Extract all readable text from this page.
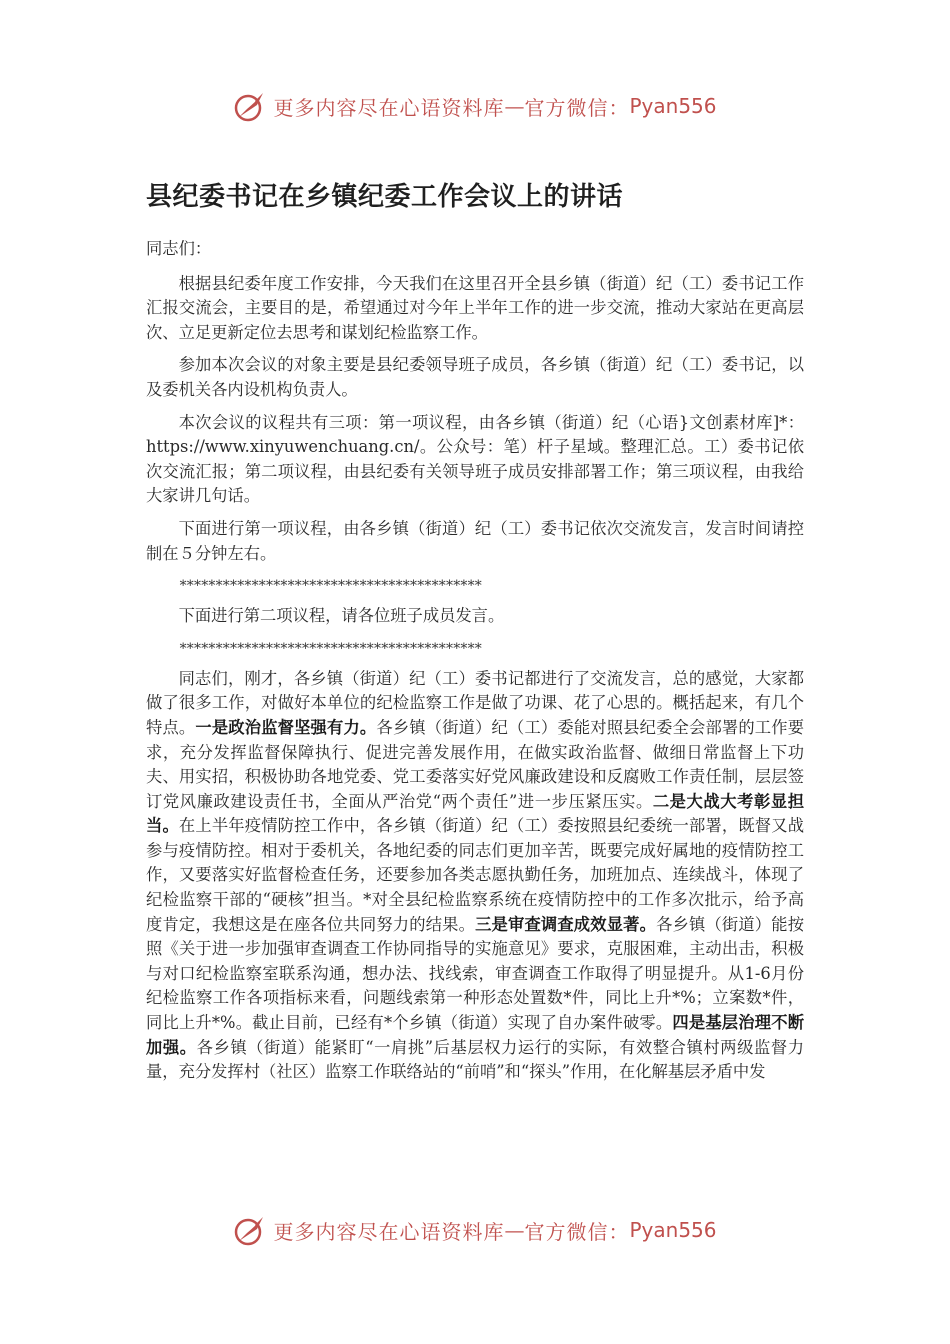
更多内容尽在心语资料库 — 官方微信： Pyan556
县纪委书记在乡镇纪委工作会议上的讲话

同志们：

根据县纪委年度工作安排，今天我们在这里召开全县乡镇（街道）纪（工）委书记工作汇报交流会，主要目的是，希望通过对今年上半年工作的进一步交流，推动大家站在更高层次、立足更新定位去思考和谋划纪检监察工作。

参加本次会议的对象主要是县纪委领导班子成员，各乡镇（街道）纪（工）委书记，以及委机关各内设机构负责人。

本次会议的议程共有三项：第一项议程，由各乡镇（街道）纪（心语}文创素材库]*：https://www.xinyuwenchuang.cn/。公众号：笔）杆子星域。整理汇总。工）委书记依次交流汇报；第二项议程，由县纪委有关领导班子成员安排部署工作；第三项议程，由我给大家讲几句话。

下面进行第一项议程，由各乡镇（街道）纪（工）委书记依次交流发言，发言时间请控制在５分钟左右。

******************************************

下面进行第二项议程，请各位班子成员发言。

******************************************

同志们，刚才，各乡镇（街道）纪（工）委书记都进行了交流发言，总的感觉，大家都做了很多工作，对做好本单位的纪检监察工作是做了功课、花了心思的。概括起来，有几个特点。一是政治监督坚强有力。各乡镇（街道）纪（工）委能对照县纪委全会部署的工作要求，充分发挥监督保障执行、促进完善发展作用，在做实政治监督、做细日常监督上下功夫、用实招，积极协助各地党委、党工委落实好党风廉政建设和反腐败工作责任制，层层签订党风廉政建设责任书，全面从严治党“两个责任”进一步压紧压实。二是大战大考彰显担当。在上半年疫情防控工作中，各乡镇（街道）纪（工）委按照县纪委统一部署，既督又战参与疫情防控。相对于委机关，各地纪委的同志们更加辛苦，既要完成好属地的疫情防控工作，又要落实好监督检查任务，还要参加各类志愿执勤任务，加班加点、连续战斗，体现了纪检监察干部的“硬核”担当。*对全县纪检监察系统在疫情防控中的工作多次批示，给予高度肯定，我想这是在座各位共同努力的结果。三是审查调查成效显著。各乡镇（街道）能按照《关于进一步加强审查调查工作协同指导的实施意见》要求，克服困难，主动出击，积极与对口纪检监察室联系沟通，想办法、找线索，审查调查工作取得了明显提升。从1-6月份纪检监察工作各项指标来看，问题线索第一种形态处置数*件，同比上升*%；立案数*件，同比上升*%。截止目前，已经有*个乡镇（街道）实现了自办案件破零。四是基层治理不断加强。各乡镇（街道）能紧盯“一肩挑”后基层权力运行的实际，有效整合镇村两级监督力量，充分发挥村（社区）监察工作联络站的“前哨”和“探头”作用，在化解基层矛盾中发

更多内容尽在心语资料库 — 官方微信： Pyan556
